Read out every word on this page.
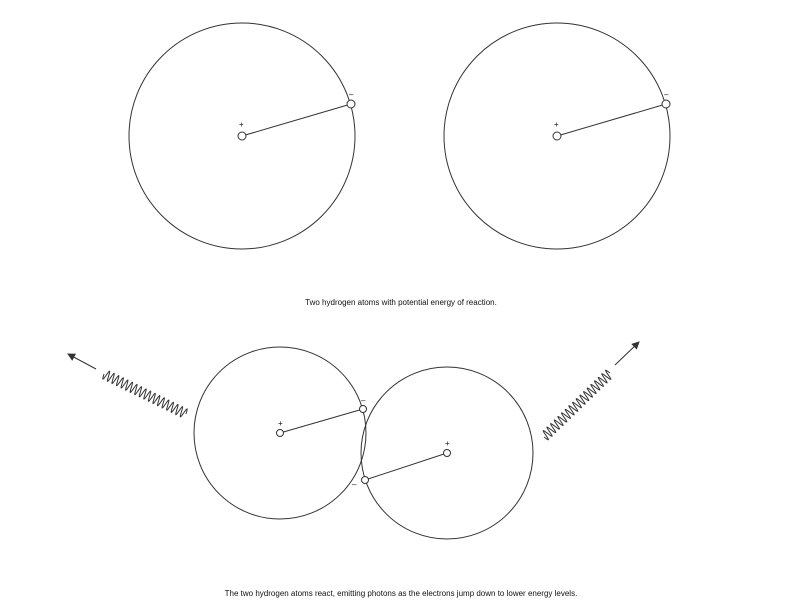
+
–
+
–
+
–
+
–
Two hydrogen atoms with potential energy of reaction.
The two hydrogen atoms react, emitting photons as the electrons jump down to lower energy levels.
